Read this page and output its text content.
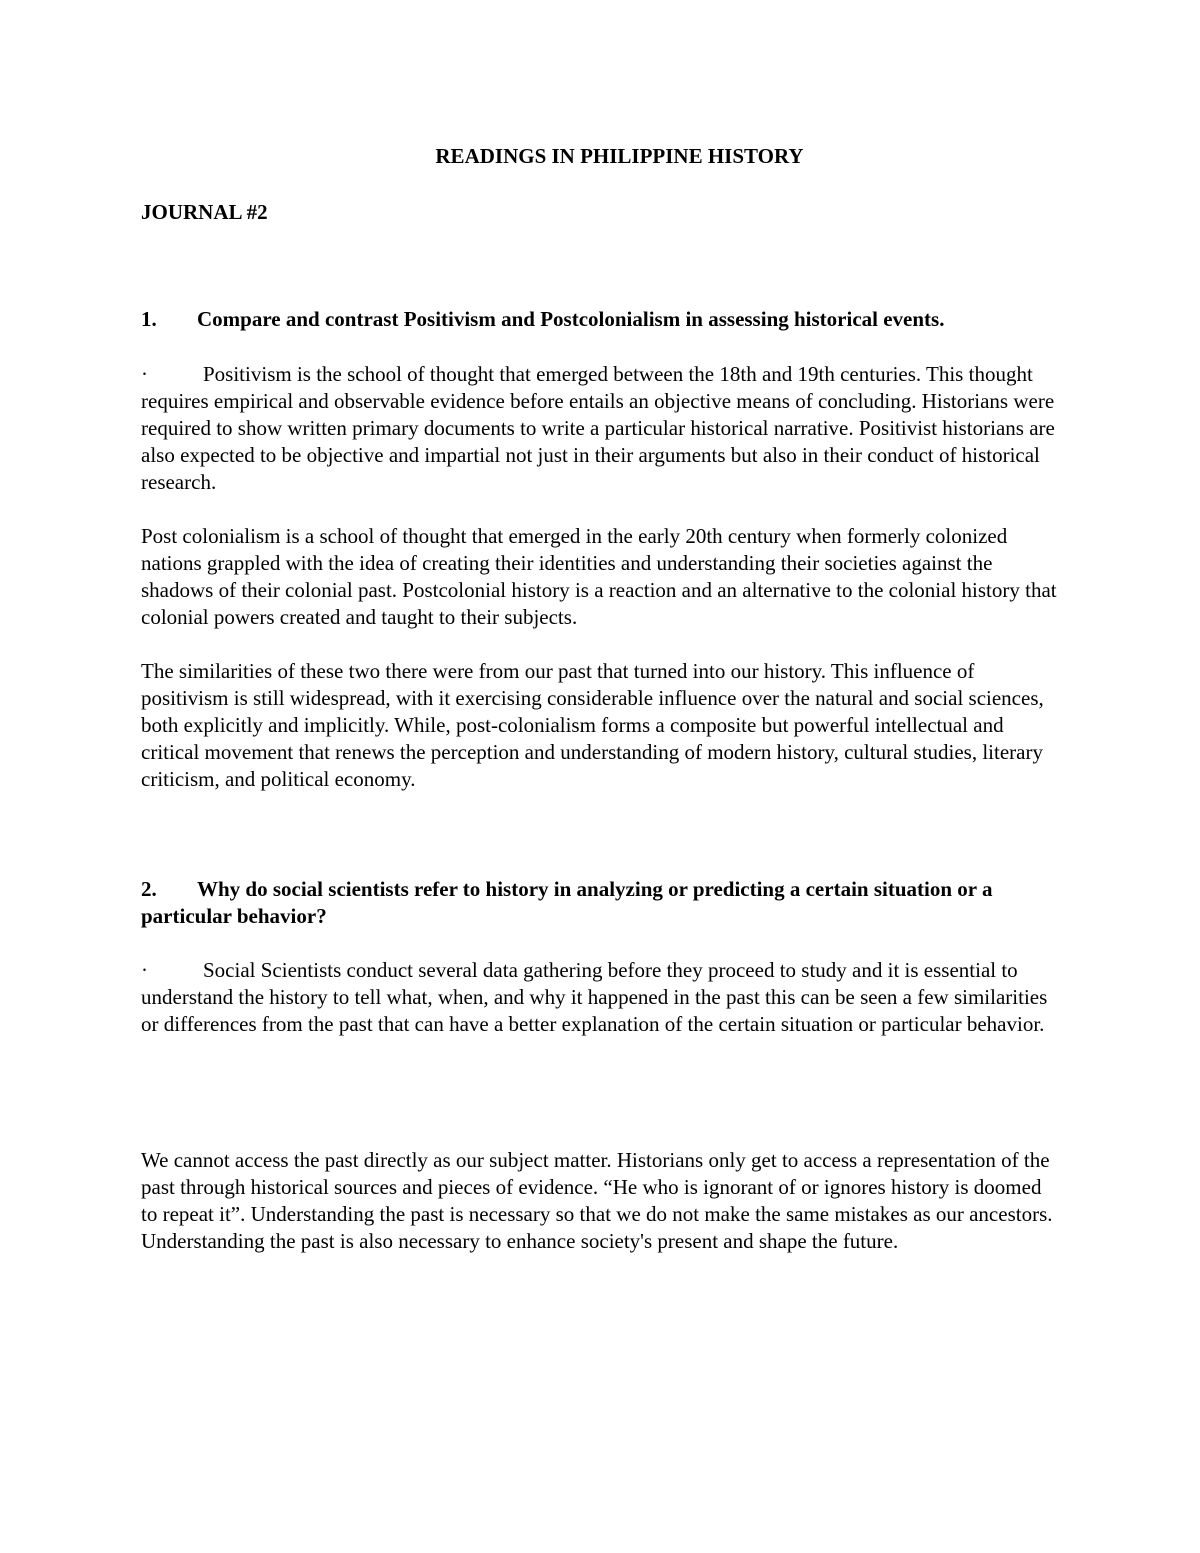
READINGS IN PHILIPPINE HISTORY
JOURNAL #2
1. Compare and contrast Positivism and Postcolonialism in assessing historical events.

·	Positivism is the school of thought that emerged between the 18th and 19th centuries. This thought requires empirical and observable evidence before entails an objective means of concluding. Historians were required to show written primary documents to write a particular historical narrative. Positivist historians are also expected to be objective and impartial not just in their arguments but also in their conduct of historical research.

Post colonialism is a school of thought that emerged in the early 20th century when formerly colonized nations grappled with the idea of creating their identities and understanding their societies against the shadows of their colonial past. Postcolonial history is a reaction and an alternative to the colonial history that colonial powers created and taught to their subjects.

The similarities of these two there were from our past that turned into our history. This influence of positivism is still widespread, with it exercising considerable influence over the natural and social sciences, both explicitly and implicitly. While, post-colonialism forms a composite but powerful intellectual and critical movement that renews the perception and understanding of modern history, cultural studies, literary criticism, and political economy.

2. Why do social scientists refer to history in analyzing or predicting a certain situation or a particular behavior?

·	Social Scientists conduct several data gathering before they proceed to study and it is essential to understand the history to tell what, when, and why it happened in the past this can be seen a few similarities or differences from the past that can have a better explanation of the certain situation or particular behavior.

We cannot access the past directly as our subject matter. Historians only get to access a representation of the past through historical sources and pieces of evidence. “He who is ignorant of or ignores history is doomed to repeat it”. Understanding the past is necessary so that we do not make the same mistakes as our ancestors. Understanding the past is also necessary to enhance society's present and shape the future.
